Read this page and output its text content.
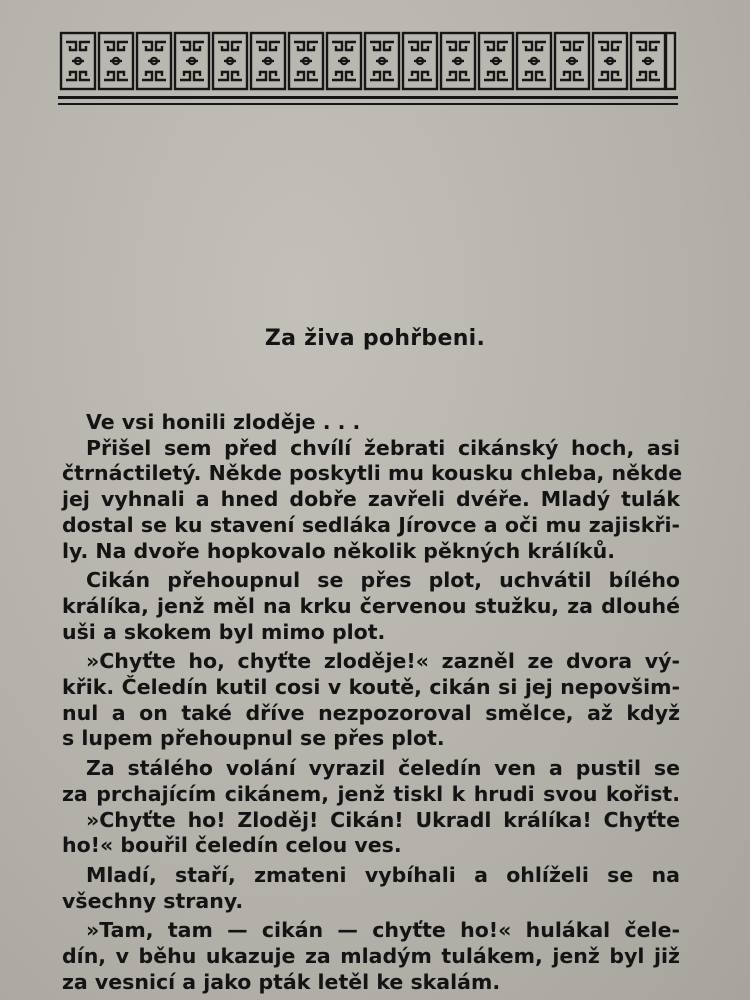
Za živa pohřbeni.
Ve vsi honili zloděje . . .
Přišel sem před chvílí žebrati cikánský hoch, asi
čtrnáctiletý. Někde poskytli mu kousku chleba, někde
jej vyhnali a hned dobře zavřeli dvéře. Mladý tulák
dostal se ku stavení sedláka Jírovce a oči mu zajiskři-
ly. Na dvoře hopkovalo několik pěkných králíků.
Cikán přehoupnul se přes plot, uchvátil bílého
králíka, jenž měl na krku červenou stužku, za dlouhé
uši a skokem byl mimo plot.
»Chyťte ho, chyťte zloděje!« zazněl ze dvora vý-
křik. Čeledín kutil cosi v koutě, cikán si jej nepovšim-
nul a on také dříve nezpozoroval smělce, až když
s lupem přehoupnul se přes plot.
Za stálého volání vyrazil čeledín ven a pustil se
za prchajícím cikánem, jenž tiskl k hrudi svou kořist.
»Chyťte ho! Zloděj! Cikán! Ukradl králíka! Chyťte
ho!« bouřil čeledín celou ves.
Mladí, staří, zmateni vybíhali a ohlíželi se na
všechny strany.
»Tam, tam — cikán — chyťte ho!« hulákal čele-
dín, v běhu ukazuje za mladým tulákem, jenž byl již
za vesnicí a jako pták letěl ke skalám.
